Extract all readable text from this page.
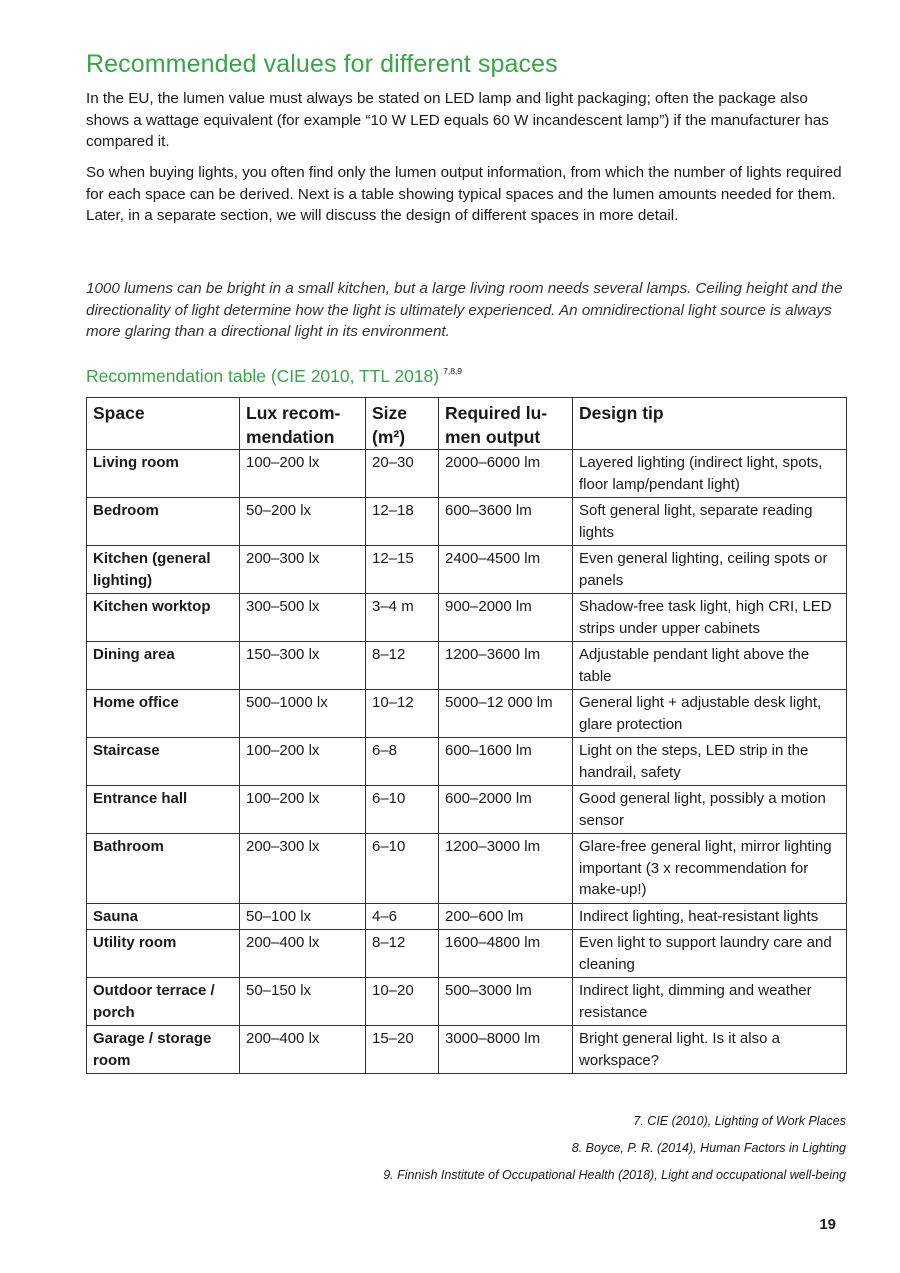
Recommended values for different spaces

In the EU, the lumen value must always be stated on LED lamp and light packaging; often the package also shows a wattage equivalent (for example “10 W LED equals 60 W incandescent lamp”) if the manufacturer has compared it.

So when buying lights, you often find only the lumen output information, from which the number of lights required for each space can be derived. Next is a table showing typical spaces and the lumen amounts needed for them. Later, in a separate section, we will discuss the design of different spaces in more detail.

1000 lumens can be bright in a small kitchen, but a large living room needs several lamps. Ceiling height and the directionality of light determine how the light is ultimately experienced. An omnidirectional light source is always more glaring than a directional light in its environment.

Recommendation table (CIE 2010, TTL 2018) $^{7,8,9}$
Space	Lux recommendation	Size (m²)	Required lumen output	Design tip
Living room	100–200 lx	20–30	2000–6000 lm	Layered lighting (indirect light, spots, floor lamp/pendant light)
Bedroom	50–200 lx	12–18	600–3600 lm	Soft general light, separate reading lights
Kitchen (general lighting)	200–300 lx	12–15	2400–4500 lm	Even general lighting, ceiling spots or panels
Kitchen worktop	300–500 lx	3–4 m	900–2000 lm	Shadow-free task light, high CRI, LED strips under upper cabinets
Dining area	150–300 lx	8–12	1200–3600 lm	Adjustable pendant light above the table
Home office	500–1000 lx	10–12	5000–12 000 lm	General light + adjustable desk light, glare protection
Staircase	100–200 lx	6–8	600–1600 lm	Light on the steps, LED strip in the handrail, safety
Entrance hall	100–200 lx	6–10	600–2000 lm	Good general light, possibly a motion sensor
Bathroom	200–300 lx	6–10	1200–3000 lm	Glare-free general light, mirror lighting important (3 x recommendation for make-up!)
Sauna	50–100 lx	4–6	200–600 lm	Indirect lighting, heat-resistant lights
Utility room	200–400 lx	8–12	1600–4800 lm	Even light to support laundry care and cleaning
Outdoor terrace / porch	50–150 lx	10–20	500–3000 lm	Indirect light, dimming and weather resistance
Garage / storage room	200–400 lx	15–20	3000–8000 lm	Bright general light. Is it also a workspace?

7. CIE (2010), Lighting of Work Places

8. Boyce, P. R. (2014), Human Factors in Lighting

9. Finnish Institute of Occupational Health (2018), Light and occupational well-being

19
